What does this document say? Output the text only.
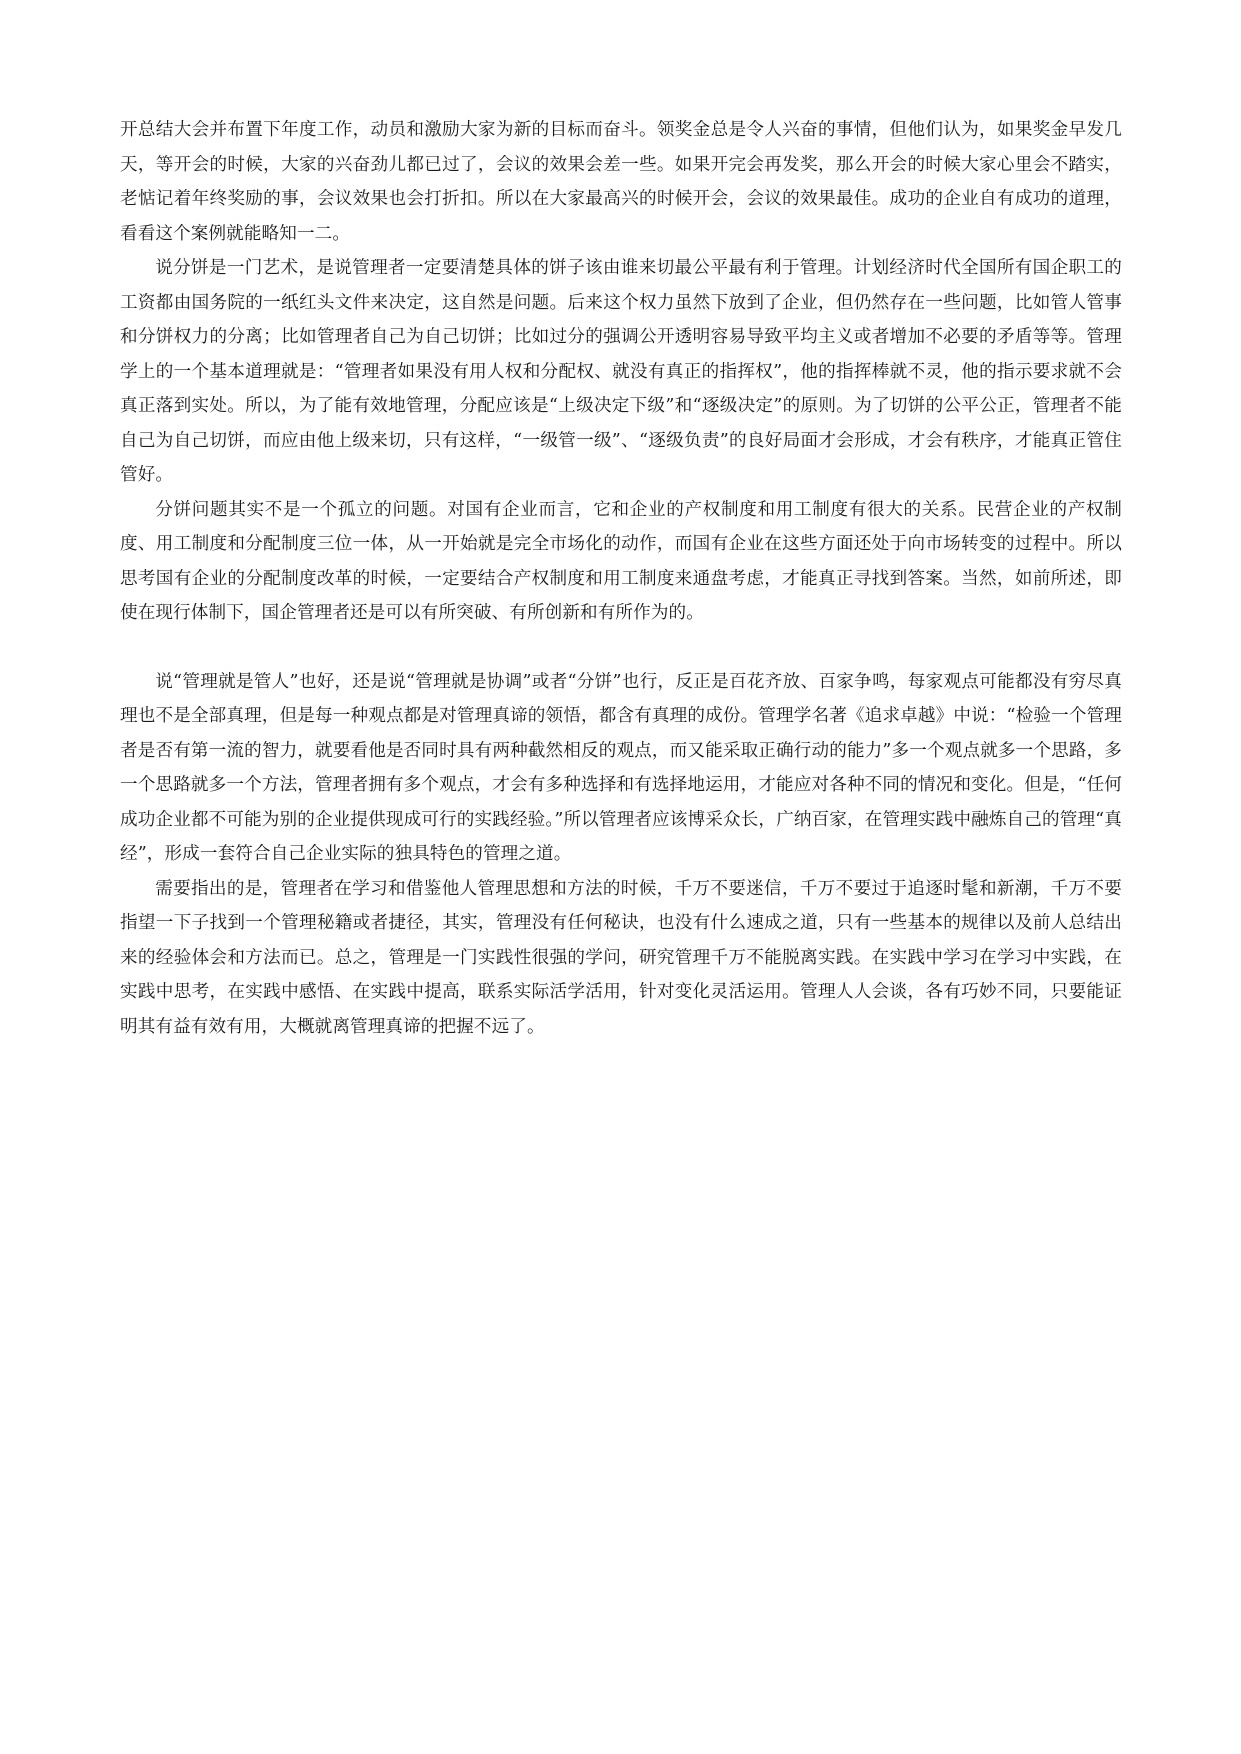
开总结大会并布置下年度工作，动员和激励大家为新的目标而奋斗。领奖金总是令人兴奋的事情，但他们认为，如果奖金早发几天，等开会的时候，大家的兴奋劲儿都已过了，会议的效果会差一些。如果开完会再发奖，那么开会的时候大家心里会不踏实，老惦记着年终奖励的事，会议效果也会打折扣。所以在大家最高兴的时候开会，会议的效果最佳。成功的企业自有成功的道理，看看这个案例就能略知一二。

说分饼是一门艺术，是说管理者一定要清楚具体的饼子该由谁来切最公平最有利于管理。计划经济时代全国所有国企职工的工资都由国务院的一纸红头文件来决定，这自然是问题。后来这个权力虽然下放到了企业，但仍然存在一些问题，比如管人管事和分饼权力的分离；比如管理者自己为自己切饼；比如过分的强调公开透明容易导致平均主义或者增加不必要的矛盾等等。管理学上的一个基本道理就是：“管理者如果没有用人权和分配权、就没有真正的指挥权”，他的指挥棒就不灵，他的指示要求就不会真正落到实处。所以，为了能有效地管理，分配应该是“上级决定下级”和“逐级决定”的原则。为了切饼的公平公正，管理者不能自己为自己切饼，而应由他上级来切，只有这样，“一级管一级”、“逐级负责”的良好局面才会形成，才会有秩序，才能真正管住管好。

分饼问题其实不是一个孤立的问题。对国有企业而言，它和企业的产权制度和用工制度有很大的关系。民营企业的产权制度、用工制度和分配制度三位一体，从一开始就是完全市场化的动作，而国有企业在这些方面还处于向市场转变的过程中。所以思考国有企业的分配制度改革的时候，一定要结合产权制度和用工制度来通盘考虑，才能真正寻找到答案。当然，如前所述，即使在现行体制下，国企管理者还是可以有所突破、有所创新和有所作为的。

说“管理就是管人”也好，还是说“管理就是协调”或者“分饼”也行，反正是百花齐放、百家争鸣，每家观点可能都没有穷尽真理也不是全部真理，但是每一种观点都是对管理真谛的领悟，都含有真理的成份。管理学名著《追求卓越》中说：“检验一个管理者是否有第一流的智力，就要看他是否同时具有两种截然相反的观点，而又能采取正确行动的能力”多一个观点就多一个思路，多一个思路就多一个方法，管理者拥有多个观点，才会有多种选择和有选择地运用，才能应对各种不同的情况和变化。但是，“任何成功企业都不可能为别的企业提供现成可行的实践经验。”所以管理者应该博采众长，广纳百家，在管理实践中融炼自己的管理“真经”，形成一套符合自己企业实际的独具特色的管理之道。

需要指出的是，管理者在学习和借鉴他人管理思想和方法的时候，千万不要迷信，千万不要过于追逐时髦和新潮，千万不要指望一下子找到一个管理秘籍或者捷径，其实，管理没有任何秘诀，也没有什么速成之道，只有一些基本的规律以及前人总结出来的经验体会和方法而已。总之，管理是一门实践性很强的学问，研究管理千万不能脱离实践。在实践中学习在学习中实践，在实践中思考，在实践中感悟、在实践中提高，联系实际活学活用，针对变化灵活运用。管理人人会谈，各有巧妙不同，只要能证明其有益有效有用，大概就离管理真谛的把握不远了。
